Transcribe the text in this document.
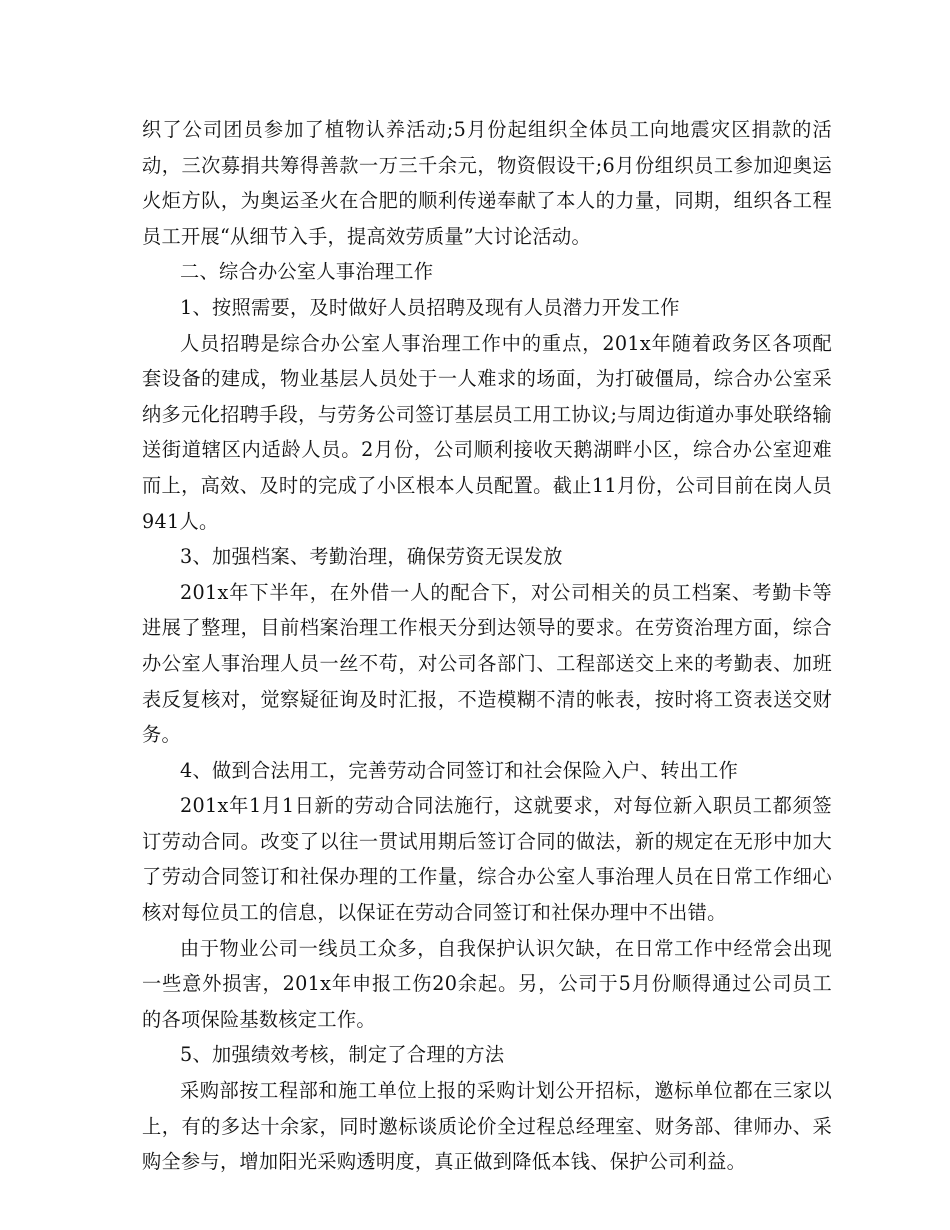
织了公司团员参加了植物认养活动;5月份起组织全体员工向地震灾区捐款的活动，三次募捐共筹得善款一万三千余元，物资假设干;6月份组织员工参加迎奥运火炬方队，为奥运圣火在合肥的顺利传递奉献了本人的力量，同期，组织各工程员工开展“从细节入手，提高效劳质量”大讨论活动。

二、综合办公室人事治理工作

1、按照需要，及时做好人员招聘及现有人员潜力开发工作

人员招聘是综合办公室人事治理工作中的重点，201x年随着政务区各项配套设备的建成，物业基层人员处于一人难求的场面，为打破僵局，综合办公室采纳多元化招聘手段，与劳务公司签订基层员工用工协议;与周边街道办事处联络输送街道辖区内适龄人员。2月份，公司顺利接收天鹅湖畔小区，综合办公室迎难而上，高效、及时的完成了小区根本人员配置。截止11月份，公司目前在岗人员941人。

3、加强档案、考勤治理，确保劳资无误发放

201x年下半年，在外借一人的配合下，对公司相关的员工档案、考勤卡等进展了整理，目前档案治理工作根天分到达领导的要求。在劳资治理方面，综合办公室人事治理人员一丝不苟，对公司各部门、工程部送交上来的考勤表、加班表反复核对，觉察疑征询及时汇报，不造模糊不清的帐表，按时将工资表送交财务。

4、做到合法用工，完善劳动合同签订和社会保险入户、转出工作

201x年1月1日新的劳动合同法施行，这就要求，对每位新入职员工都须签订劳动合同。改变了以往一贯试用期后签订合同的做法，新的规定在无形中加大了劳动合同签订和社保办理的工作量，综合办公室人事治理人员在日常工作细心核对每位员工的信息，以保证在劳动合同签订和社保办理中不出错。

由于物业公司一线员工众多，自我保护认识欠缺，在日常工作中经常会出现一些意外损害，201x年申报工伤20余起。另，公司于5月份顺得通过公司员工的各项保险基数核定工作。

5、加强绩效考核，制定了合理的方法

采购部按工程部和施工单位上报的采购计划公开招标，邀标单位都在三家以上，有的多达十余家，同时邀标谈质论价全过程总经理室、财务部、律师办、采购全参与，增加阳光采购透明度，真正做到降低本钱、保护公司利益。
